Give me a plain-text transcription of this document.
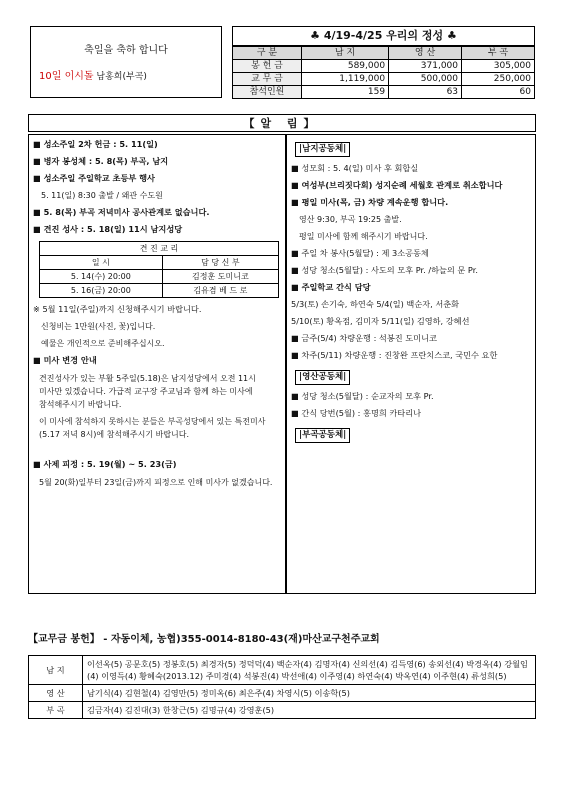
축일을 축하 합니다
10일 이시돌 남홍희(부곡)
♣ 4/19-4/25 우리의 정성 ♣
구 분	남 지	영 산	부 곡
봉 헌 금	589,000	371,000	305,000
교 무 금	1,119,000	500,000	250,000
참석인원	159	63	60
【알 림】
■ 성소주일 2차 헌금 : 5. 11(일)
■ 병자 봉성체 : 5. 8(목) 부곡, 남지
■ 성소주일 주일학교 초등부 행사
5. 11(일) 8:30 출발 / 왜관 수도원
■ 5. 8(목) 부곡 저녁미사 공사관계로 없습니다.
■ 견진 성사 : 5. 18(일) 11시 남지성당
견 진 교 리	
일 시	담 당 신 부
5. 14(수) 20:00	김정훈 도미니코
5. 16(금) 20:00	김유겸 베 드 로
※ 5월 11일(주일)까지 신청해주시기 바랍니다.
신청비는 1만원(사진, 꽃)입니다.
예물은 개인적으로 준비해주십시오.
■ 미사 변경 안내
견진성사가 있는 부활 5주일(5.18)은 남지성당에서 오전 11시 미사만 있겠습니다. 가급적 교구장 주교님과 함께 하는 미사에 참석해주시기 바랍니다.
이 미사에 참석하지 못하시는 분들은 부곡성당에서 있는 특전미사 (5.17 저녁 8시)에 참석해주시기 바랍니다.
■ 사제 피정 : 5. 19(월) ~ 5. 23(금)
5월 20(화)일부터 23일(금)까지 피정으로 인해 미사가 없겠습니다.
|남지공동체|
■ 성모회 : 5. 4(일) 미사 후 회합실
■ 여성부(브리짓다회) 성지순례 세월호 관계로 취소합니다
■ 평일 미사(목, 금) 차량 계속운행 합니다.
영산 9:30, 부곡 19:25 출발.
평일 미사에 함께 해주시기 바랍니다.
■ 주일 차 봉사(5월달) : 제 3소공동체
■ 성당 청소(5월달) : 사도의 모후 Pr. /하늘의 문 Pr.
■ 주일학교 간식 담당
5/3(토) 손기숙, 하연숙 5/4(일) 백순자, 서춘화
5/10(토) 황옥점, 김미자 5/11(일) 김영하, 강혜선
■ 금주(5/4) 차량운행 : 석봉진 도미니코
■ 차주(5/11) 차량운행 : 진창완 프란치스코, 국민수 요한
|영산공동체|
■ 성당 청소(5월달) : 순교자의 모후 Pr.
■ 간식 당번(5월) : 홍명희 카타리나
|부곡공동체|
【교무금 봉헌】 - 자동이체, 농협)355-0014-8180-43(재)마산교구천주교회
남 지	이선옥(5) 공문호(5) 정봉호(5) 최경자(5) 정덕덕(4) 백순자(4) 김명자(4) 신의선(4) 김득영(6) 송외선(4) 박경옥(4) 강월임(4) 이영득(4) 황혜숙(2013.12) 주미경(4) 석봉진(4) 박선애(4) 이주영(4) 하연숙(4) 박옥연(4) 이주현(4) 류성희(5)
영 산	남기식(4) 김현철(4) 김영만(5) 정미옥(6) 최은주(4) 차영시(5) 이송학(5)
부 곡	김금자(4) 김진대(3) 한창근(5) 김명규(4) 강영훈(5)
